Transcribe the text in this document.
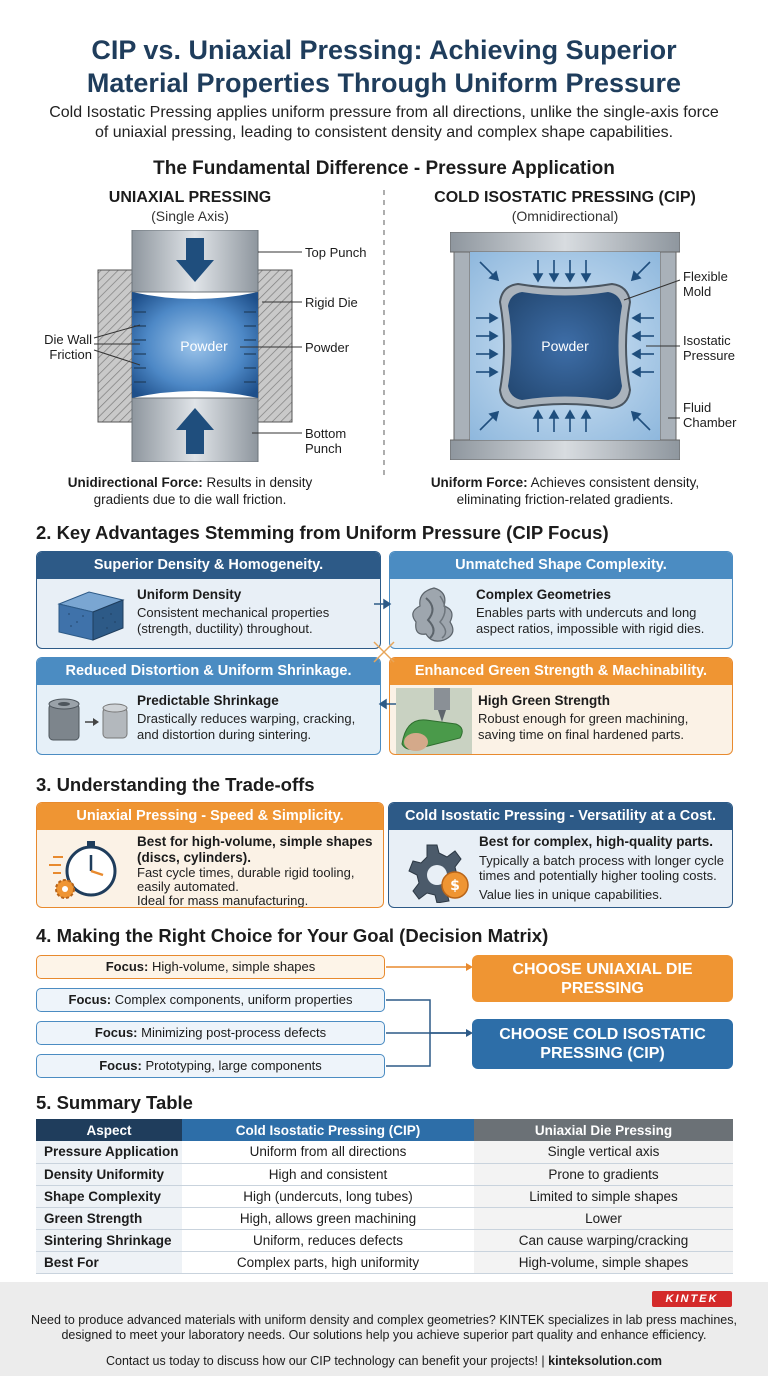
CIP vs. Uniaxial Pressing: Achieving Superior
Material Properties Through Uniform Pressure
Cold Isostatic Pressing applies uniform pressure from all directions, unlike the single-axis force
of uniaxial pressing, leading to consistent density and complex shape capabilities.
The Fundamental Difference - Pressure Application
UNIAXIAL PRESSING
(Single Axis)
COLD ISOSTATIC PRESSING (CIP)
(Omnidirectional)
Powder
Top Punch
Rigid Die
Powder
Bottom
Punch
Die Wall
Friction
Unidirectional Force: Results in density
gradients due to die wall friction.
Powder
Flexible
Mold
Isostatic
Pressure
Fluid
Chamber
Uniform Force: Achieves consistent density,
eliminating friction-related gradients.
2. Key Advantages Stemming from Uniform Pressure (CIP Focus)
Superior Density & Homogeneity.
Uniform Density
Consistent mechanical properties
(strength, ductility) throughout.
Unmatched Shape Complexity.
Complex Geometries
Enables parts with undercuts and long
aspect ratios, impossible with rigid dies.
Reduced Distortion & Uniform Shrinkage.
Predictable Shrinkage
Drastically reduces warping, cracking,
and distortion during sintering.
Enhanced Green Strength & Machinability.
High Green Strength
Robust enough for green machining,
saving time on final hardened parts.
3. Understanding the Trade-offs
Uniaxial Pressing - Speed & Simplicity.
Best for high-volume, simple shapes
(discs, cylinders).
Fast cycle times, durable rigid tooling,
easily automated.
Ideal for mass manufacturing.
Cold Isostatic Pressing - Versatility at a Cost.
$
Best for complex, high-quality parts.
Typically a batch process with longer cycle
times and potentially higher tooling costs.
Value lies in unique capabilities.
4. Making the Right Choice for Your Goal (Decision Matrix)
Focus: High-volume, simple shapes
Focus: Complex components, uniform properties
Focus: Minimizing post-process defects
Focus: Prototyping, large components
CHOOSE UNIAXIAL DIE
PRESSING
CHOOSE COLD ISOSTATIC
PRESSING (CIP)
5. Summary Table
Aspect	Cold Isostatic Pressing (CIP)	Uniaxial Die Pressing
Pressure Application	Uniform from all directions	Single vertical axis
Density Uniformity	High and consistent	Prone to gradients
Shape Complexity	High (undercuts, long tubes)	Limited to simple shapes
Green Strength	High, allows green machining	Lower
Sintering Shrinkage	Uniform, reduces defects	Can cause warping/cracking
Best For	Complex parts, high uniformity	High-volume, simple shapes
KINTEK
Need to produce advanced materials with uniform density and complex geometries? KINTEK specializes in lab press machines,
designed to meet your laboratory needs. Our solutions help you achieve superior part quality and enhance efficiency.
Contact us today to discuss how our CIP technology can benefit your projects! | kinteksolution.com
